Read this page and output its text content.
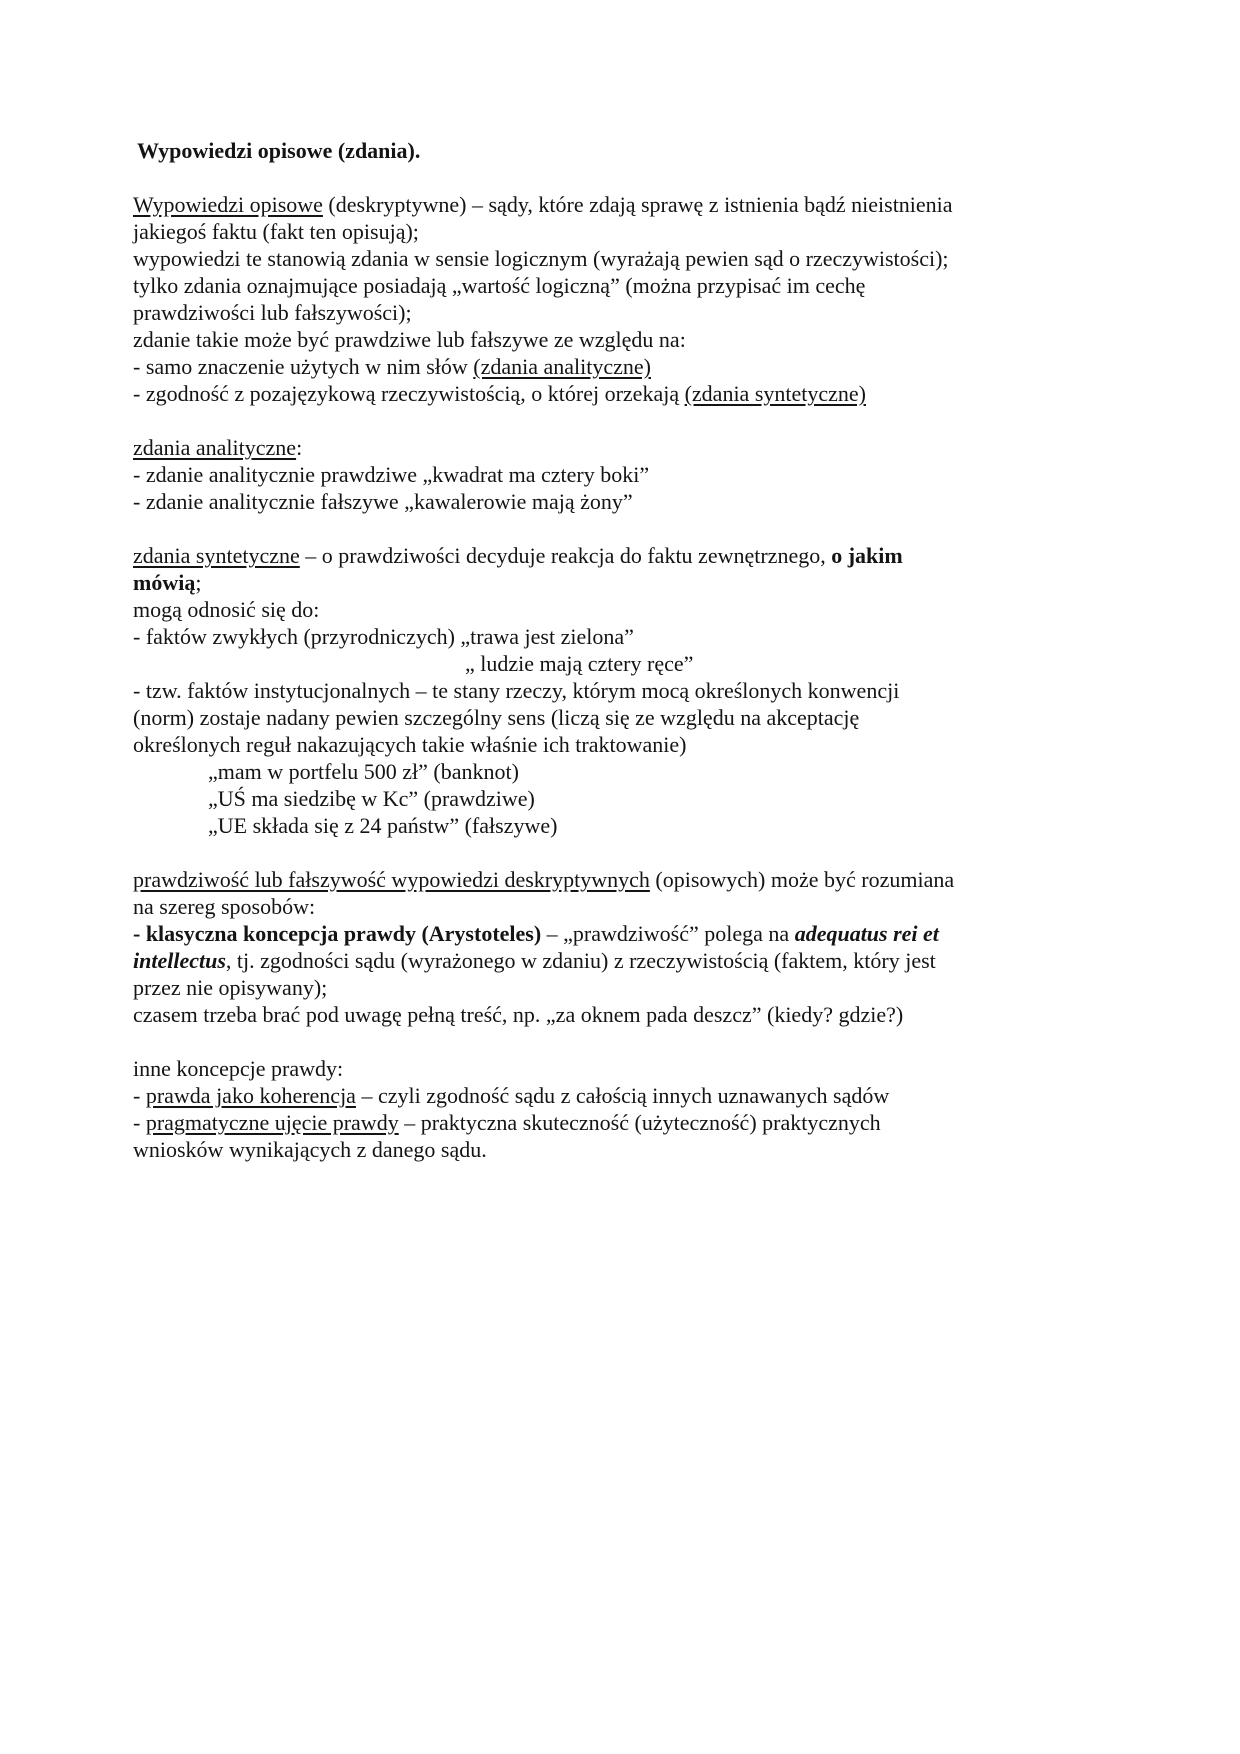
Wypowiedzi opisowe (zdania).
Wypowiedzi opisowe (deskryptywne) – sądy, które zdają sprawę z istnienia bądź nieistnienia
jakiegoś faktu (fakt ten opisują);
wypowiedzi te stanowią zdania w sensie logicznym (wyrażają pewien sąd o rzeczywistości);
tylko zdania oznajmujące posiadają „wartość logiczną” (można przypisać im cechę
prawdziwości lub fałszywości);
zdanie takie może być prawdziwe lub fałszywe ze względu na:
- samo znaczenie użytych w nim słów (zdania analityczne)
- zgodność z pozajęzykową rzeczywistością, o której orzekają (zdania syntetyczne)
zdania analityczne:
- zdanie analitycznie prawdziwe „kwadrat ma cztery boki”
- zdanie analitycznie fałszywe „kawalerowie mają żony”
zdania syntetyczne – o prawdziwości decyduje reakcja do faktu zewnętrznego, o jakim
mówią;
mogą odnosić się do:
- faktów zwykłych (przyrodniczych) „trawa jest zielona”
„ ludzie mają cztery ręce”
- tzw. faktów instytucjonalnych – te stany rzeczy, którym mocą określonych konwencji
(norm) zostaje nadany pewien szczególny sens (liczą się ze względu na akceptację
określonych reguł nakazujących takie właśnie ich traktowanie)
„mam w portfelu 500 zł” (banknot)
„UŚ ma siedzibę w Kc” (prawdziwe)
„UE składa się z 24 państw” (fałszywe)
prawdziwość lub fałszywość wypowiedzi deskryptywnych (opisowych) może być rozumiana
na szereg sposobów:
- klasyczna koncepcja prawdy (Arystoteles) – „prawdziwość” polega na adequatus rei et
intellectus, tj. zgodności sądu (wyrażonego w zdaniu) z rzeczywistością (faktem, który jest
przez nie opisywany);
czasem trzeba brać pod uwagę pełną treść, np. „za oknem pada deszcz” (kiedy? gdzie?)
inne koncepcje prawdy:
- prawda jako koherencja – czyli zgodność sądu z całością innych uznawanych sądów
- pragmatyczne ujęcie prawdy – praktyczna skuteczność (użyteczność) praktycznych
wniosków wynikających z danego sądu.
